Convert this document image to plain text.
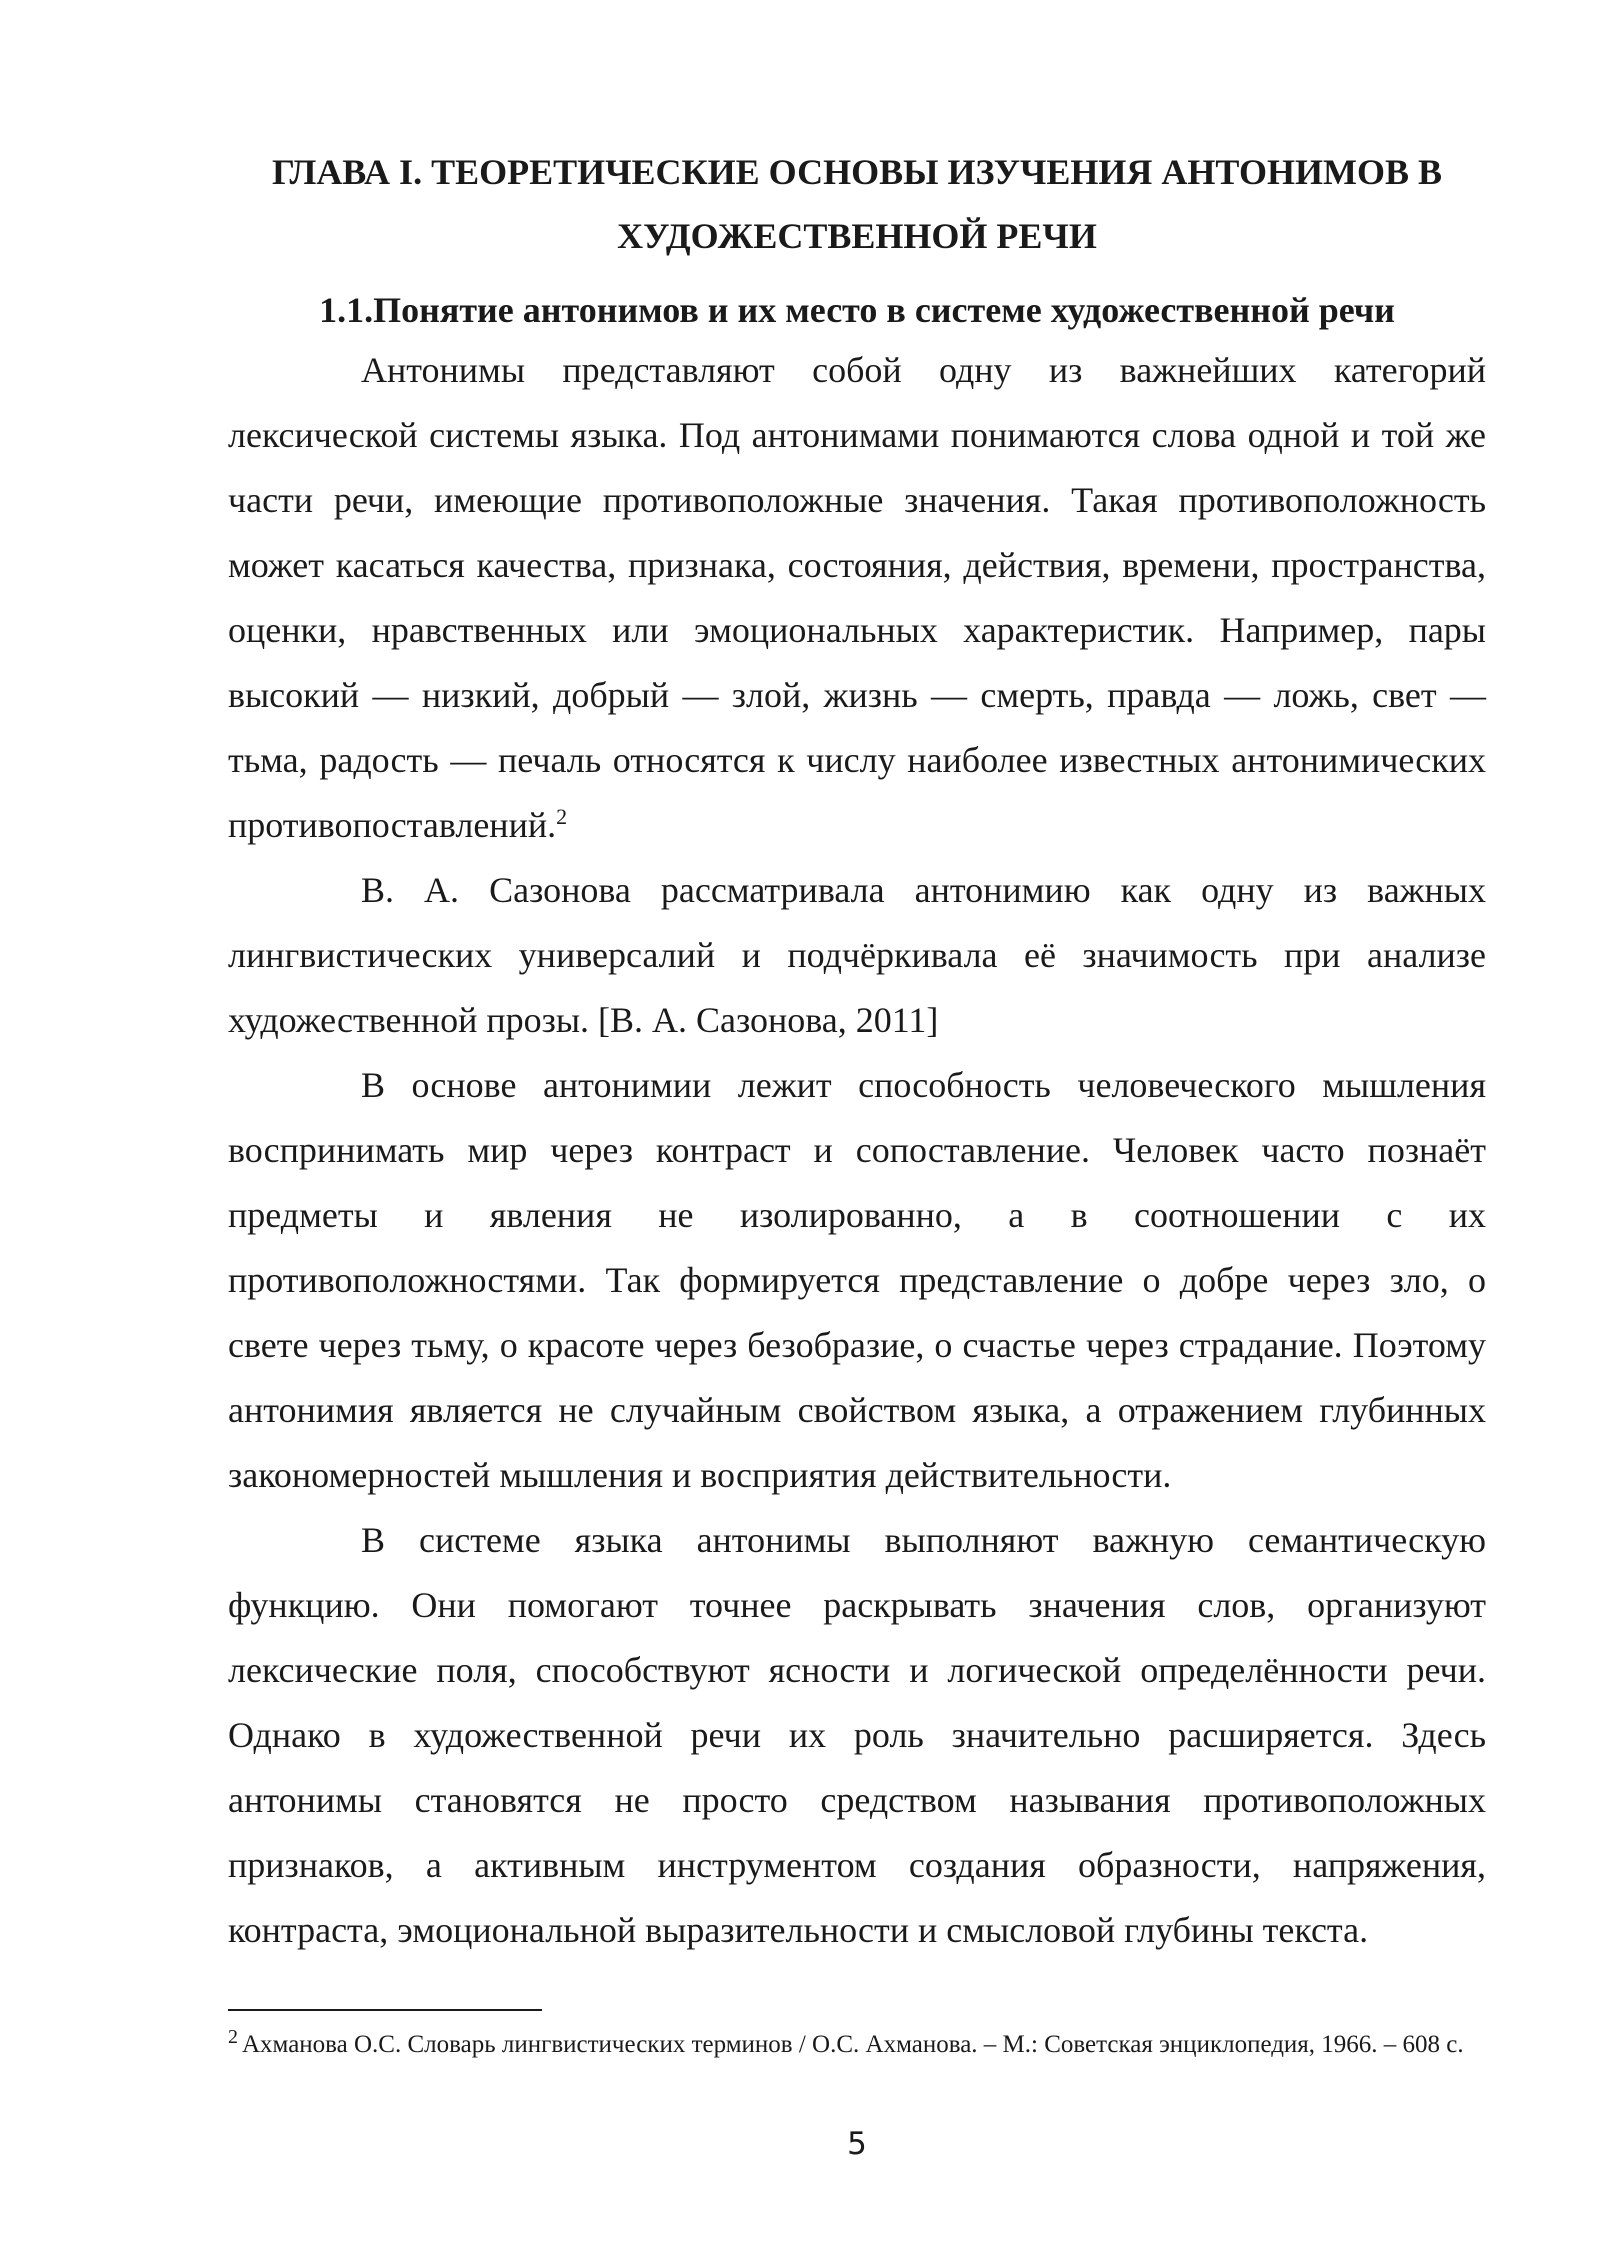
ГЛАВА I. ТЕОРЕТИЧЕСКИЕ ОСНОВЫ ИЗУЧЕНИЯ АНТОНИМОВ В ХУДОЖЕСТВЕННОЙ РЕЧИ
1.1.Понятие антонимов и их место в системе художественной речи

Антонимы представляют собой одну из важнейших категорий лексической системы языка. Под антонимами понимаются слова одной и той же части речи, имеющие противоположные значения. Такая противоположность может касаться качества, признака, состояния, действия, времени, пространства, оценки, нравственных или эмоциональных характеристик. Например, пары высокий — низкий, добрый — злой, жизнь — смерть, правда — ложь, свет — тьма, радость — печаль относятся к числу наиболее известных антонимических противопоставлений.$^2$

В. А. Сазонова рассматривала антонимию как одну из важных лингвистических универсалий и подчёркивала её значимость при анализе художественной прозы. [В. А. Сазонова, 2011]

В основе антонимии лежит способность человеческого мышления воспринимать мир через контраст и сопоставление. Человек часто познаёт предметы и явления не изолированно, а в соотношении с их противоположностями. Так формируется представление о добре через зло, о свете через тьму, о красоте через безобразие, о счастье через страдание. Поэтому антонимия является не случайным свойством языка, а отражением глубинных закономерностей мышления и восприятия действительности.

В системе языка антонимы выполняют важную семантическую функцию. Они помогают точнее раскрывать значения слов, организуют лексические поля, способствуют ясности и логической определённости речи. Однако в художественной речи их роль значительно расширяется. Здесь антонимы становятся не просто средством называния противоположных признаков, а активным инструментом создания образности, напряжения, контраста, эмоциональной выразительности и смысловой глубины текста.

$^2$ Ахманова О.С. Словарь лингвистических терминов / О.С. Ахманова. – М.: Советская энциклопедия, 1966. – 608 с.
5
